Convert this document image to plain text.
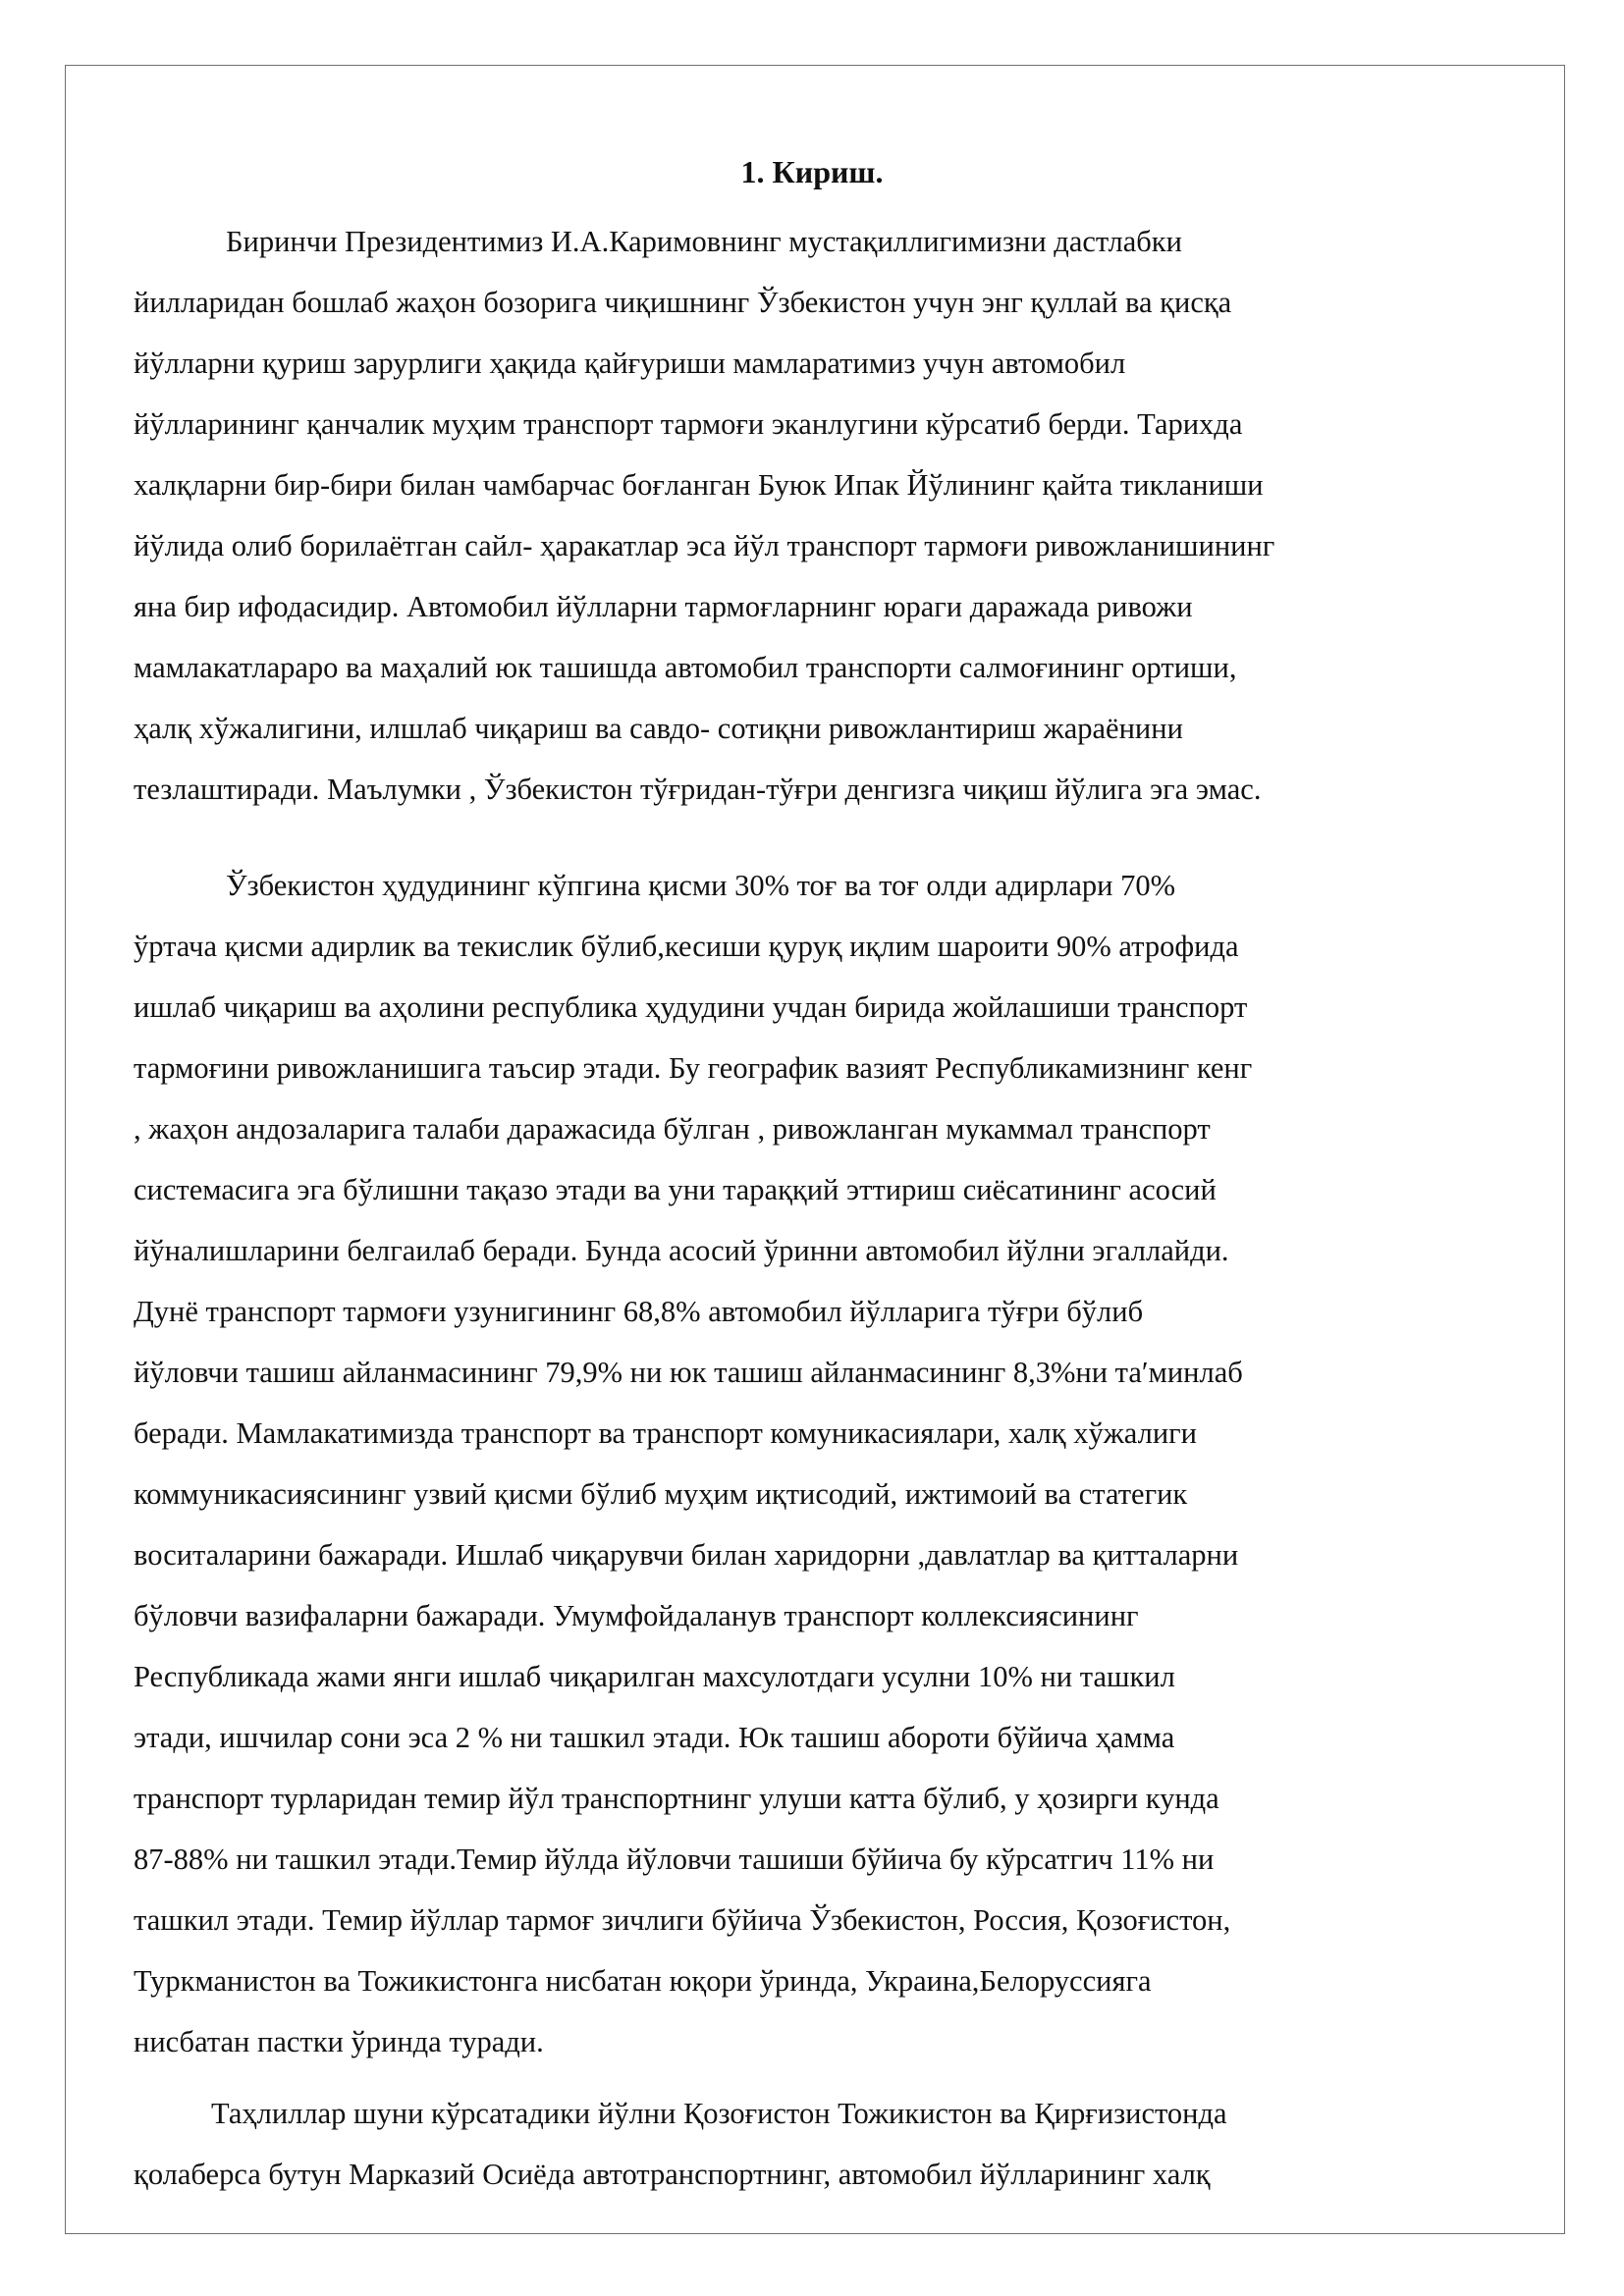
1. Кириш.
Биринчи Президентимиз И.А.Каримовнинг мустақиллигимизни дастлабки
йилларидан бошлаб жаҳон бозорига чиқишнинг Ўзбекистон учун энг қуллай ва қисқа
йўлларни қуриш зарурлиги ҳақида қайғуриши мамларатимиз учун автомобил
йўлларининг қанчалик муҳим транспорт тармоғи эканлугини кўрсатиб берди. Тарихда
халқларни бир-бири билан чамбарчас боғланган Буюк Ипак Йўлининг қайта тикланиши
йўлида олиб борилаётган сайл- ҳаракатлар эса йўл транспорт тармоғи ривожланишининг
яна бир ифодасидир. Автомобил йўлларни тармоғларнинг юраги даражада ривожи
мамлакатлараро ва маҳалий юк ташишда автомобил транспорти салмоғининг ортиши,
ҳалқ хўжалигини, илшлаб чиқариш ва савдо- сотиқни ривожлантириш жараёнини
тезлаштиради. Маълумки , Ўзбекистон тўғридан-тўғри денгизга чиқиш йўлига эга эмас.
Ўзбекистон ҳудудининг кўпгина қисми 30% тоғ ва тоғ олди адирлари 70%
ўртача қисми адирлик ва текислик бўлиб,кесиши қуруқ иқлим шароити 90% атрофида
ишлаб чиқариш ва аҳолини республика ҳудудини учдан бирида жойлашиши транспорт
тармоғини ривожланишига таъсир этади. Бу географик вазият Республикамизнинг кенг
, жаҳон андозаларига талаби даражасида бўлган , ривожланган мукаммал транспорт
системасига эга бўлишни тақазо этади ва уни тараққий эттириш сиёсатининг асосий
йўналишларини белгаилаб беради. Бунда асосий ўринни автомобил йўлни эгаллайди.
Дунё транспорт тармоғи узунигининг 68,8% автомобил йўлларига тўғри бўлиб
йўловчи ташиш айланмасининг 79,9% ни юк ташиш айланмасининг 8,3%ни та′минлаб
беради. Мамлакатимизда транспорт ва транспорт комуникасиялари, халқ хўжалиги
коммуникасиясининг узвий қисми бўлиб муҳим иқтисодий, ижтимоий ва статегик
воситаларини бажаради. Ишлаб чиқарувчи билан харидорни ,давлатлар ва қитталарни
бўловчи вазифаларни бажаради. Умумфойдаланув транспорт коллексиясининг
Республикада жами янги ишлаб чиқарилган махсулотдаги усулни 10% ни ташкил
этади, ишчилар сони эса 2 % ни ташкил этади. Юк ташиш абороти бўйича ҳамма
транспорт турларидан темир йўл транспортнинг улуши катта бўлиб, у ҳозирги кунда
87-88% ни ташкил этади.Темир йўлда йўловчи ташиши бўйича бу кўрсатгич 11% ни
ташкил этади. Темир йўллар тармоғ зичлиги бўйича Ўзбекистон, Россия, Қозоғистон,
Туркманистон ва Тожикистонга нисбатан юқори ўринда, Украина,Белоруссияга
нисбатан пастки ўринда туради.
Таҳлиллар шуни кўрсатадики йўлни Қозоғистон Тожикистон ва Қирғизистонда
қолаберса бутун Марказий Осиёда автотранспортнинг, автомобил йўлларининг халқ
